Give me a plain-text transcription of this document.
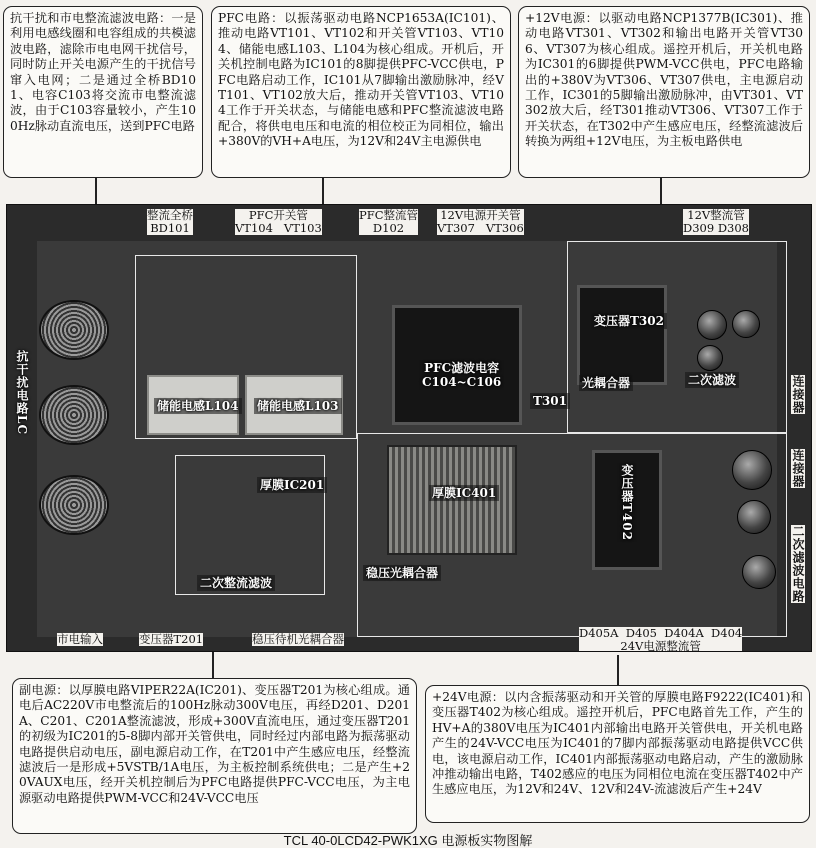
抗干扰和市电整流滤波电路：一是利用电感线圈和电容组成的共模滤波电路，滤除市电电网干扰信号，同时防止开关电源产生的干扰信号窜入电网；二是通过全桥BD101、电容C103将交流市电整流滤波，由于C103容量较小，产生100Hz脉动直流电压，送到PFC电路
PFC电路：以振荡驱动电路NCP1653A(IC101)、推动电路VT101、VT102和开关管VT103、VT104、储能电感L103、L104为核心组成。开机后，开关机控制电路为IC101的8脚提供PFC-VCC供电，PFC电路启动工作，IC101从7脚输出激励脉冲，经VT101、VT102放大后，推动开关管VT103、VT104工作于开关状态，与储能电感和PFC整流滤波电路配合，将供电电压和电流的相位校正为同相位，输出+380V的VH+A电压，为12V和24V主电源供电
+12V电源：以驱动电路NCP1377B(IC301)、推动电路VT301、VT302和输出电路开关管VT306、VT307为核心组成。遥控开机后，开关机电路为IC301的6脚提供PWM-VCC供电，PFC电路输出的+380V为VT306、VT307供电，主电源启动工作，IC301的5脚输出激励脉冲，由VT301、VT302放大后，经T301推动VT306、VT307工作于开关状态，在T302中产生感应电压，经整流滤波后转换为两组+12V电压，为主板电路供电
副电源：以厚膜电路VIPER22A(IC201)、变压器T201为核心组成。通电后AC220V市电整流后的100Hz脉动300V电压，再经D201、D201A、C201、C201A整流滤波，形成+300V直流电压，通过变压器T201的初级为IC201的5-8脚内部开关管供电，同时经过内部电路为振荡驱动电路提供启动电压，副电源启动工作，在T201中产生感应电压，经整流滤波后一是形成+5VSTB/1A电压，为主板控制系统供电；二是产生+20VAUX电压，经开关机控制后为PFC电路提供PFC-VCC电压，为主电源驱动电路提供PWM-VCC和24V-VCC电压
+24V电源：以内含振荡驱动和开关管的厚膜电路F9222(IC401)和变压器T402为核心组成。遥控开机后，PFC电路首先工作，产生的HV+A的380V电压为IC401内部输出电路开关管供电，开关机电路产生的24V-VCC电压为IC401的7脚内部振荡驱动电路提供VCC供电，该电源启动工作，IC401内部振荡驱动电路启动，产生的激励脉冲推动输出电路，T402感应的电压为同相位电流在变压器T402中产生感应电压，为12V和24V、12V和24V-流滤波后产生+24V
抗干扰电路LC	储能电感L104 储能电感L103
PFC滤波电容
C104~C106
变压器T302
光耦合器
T301
二次滤波	连接器
连接器
厚膜IC201
厚膜IC401	变压器T402
二次滤波电路
二次整流滤波
稳压光耦合器
整流全桥
BD101
PFC开关管
VT104   VT103
PFC整流管
D102
12V电源开关管
VT307   VT306
12V整流管
D309 D308
市电输入	变压器T201	稳压待机光耦合器	D405A  D405  D404A  D404
24V电源整流管
TCL 40-0LCD42-PWK1XG 电源板实物图解
